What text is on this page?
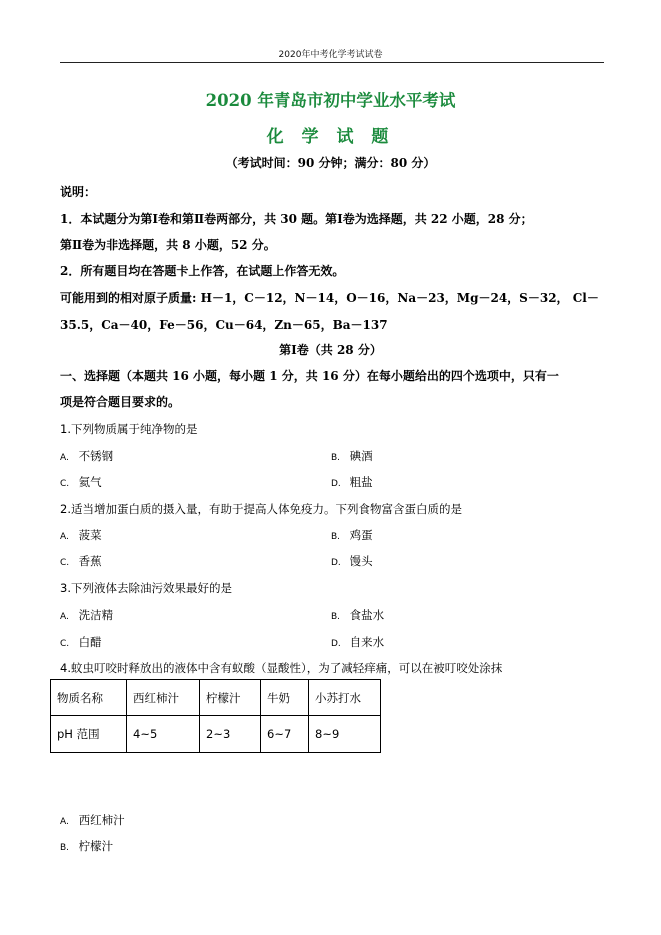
2020年中考化学考试试卷
2020 年青岛市初中学业水平考试
化 学 试 题
（考试时间：90 分钟；满分：80 分）
说明：
1．本试题分为第Ⅰ卷和第Ⅱ卷两部分，共 30 题。第Ⅰ卷为选择题，共 22 小题，28 分；
第Ⅱ卷为非选择题，共 8 小题，52 分。
2．所有题目均在答题卡上作答，在试题上作答无效。
可能用到的相对原子质量: H－1，C－12，N－14，O－16，Na－23，Mg－24，S－32， Cl－
35.5，Ca－40，Fe－56，Cu－64，Zn－65，Ba－137
第Ⅰ卷（共 28 分）
一、选择题（本题共 16 小题，每小题 1 分，共 16 分）在每小题给出的四个选项中，只有一
项是符合题目要求的。
1.下列物质属于纯净物的是
A. 不锈钢	B. 碘酒
C. 氦气	D. 粗盐
2.适当增加蛋白质的摄入量，有助于提高人体免疫力。下列食物富含蛋白质的是
A. 菠菜	B. 鸡蛋
C. 香蕉	D. 馒头
3.下列液体去除油污效果最好的是
A. 洗洁精	B. 食盐水
C. 白醋	D. 自来水
4.蚊虫叮咬时释放出的液体中含有蚁酸（显酸性），为了减轻痒痛，可以在被叮咬处涂抹
物质名称	西红柿汁	柠檬汁	牛奶	小苏打水
pH 范围	4~5	2~3	6~7	8~9
A. 西红柿汁
B. 柠檬汁
